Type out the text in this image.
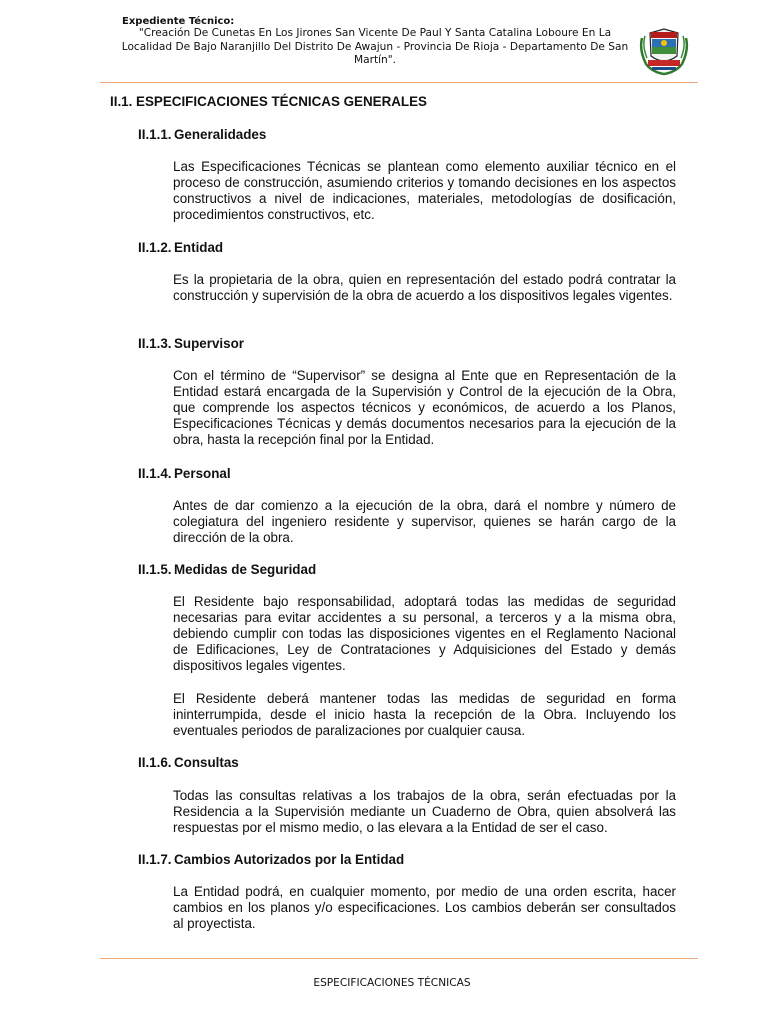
Expediente Técnico:
"Creación De Cunetas En Los Jirones San Vicente De Paul Y Santa Catalina Loboure En La Localidad De Bajo Naranjillo Del Distrito De Awajun - Provincia De Rioja - Departamento De San Martín".
II.1. ESPECIFICACIONES TÉCNICAS GENERALES
II.1.1. Generalidades
Las Especificaciones Técnicas se plantean como elemento auxiliar técnico en el proceso de construcción, asumiendo criterios y tomando decisiones en los aspectos constructivos a nivel de indicaciones, materiales, metodologías de dosificación, procedimientos constructivos, etc.
II.1.2. Entidad
Es la propietaria de la obra, quien en representación del estado podrá contratar la construcción y supervisión de la obra de acuerdo a los dispositivos legales vigentes.
II.1.3. Supervisor
Con el término de “Supervisor” se designa al Ente que en Representación de la Entidad estará encargada de la Supervisión y Control de la ejecución de la Obra, que comprende los aspectos técnicos y económicos, de acuerdo a los Planos, Especificaciones Técnicas y demás documentos necesarios para la ejecución de la obra, hasta la recepción final por la Entidad.
II.1.4. Personal
Antes de dar comienzo a la ejecución de la obra, dará el nombre y número de colegiatura del ingeniero residente y supervisor, quienes se harán cargo de la dirección de la obra.
II.1.5. Medidas de Seguridad
El Residente bajo responsabilidad, adoptará todas las medidas de seguridad necesarias para evitar accidentes a su personal, a terceros y a la misma obra, debiendo cumplir con todas las disposiciones vigentes en el Reglamento Nacional de Edificaciones, Ley de Contrataciones y Adquisiciones del Estado y demás dispositivos legales vigentes.
El Residente deberá mantener todas las medidas de seguridad en forma ininterrumpida, desde el inicio hasta la recepción de la Obra. Incluyendo los eventuales periodos de paralizaciones por cualquier causa.
II.1.6. Consultas
Todas las consultas relativas a los trabajos de la obra, serán efectuadas por la Residencia a la Supervisión mediante un Cuaderno de Obra, quien absolverá las respuestas por el mismo medio, o las elevara a la Entidad de ser el caso.
II.1.7. Cambios Autorizados por la Entidad
La Entidad podrá, en cualquier momento, por medio de una orden escrita, hacer cambios en los planos y/o especificaciones. Los cambios deberán ser consultados al proyectista.
ESPECIFICACIONES TÉCNICAS
